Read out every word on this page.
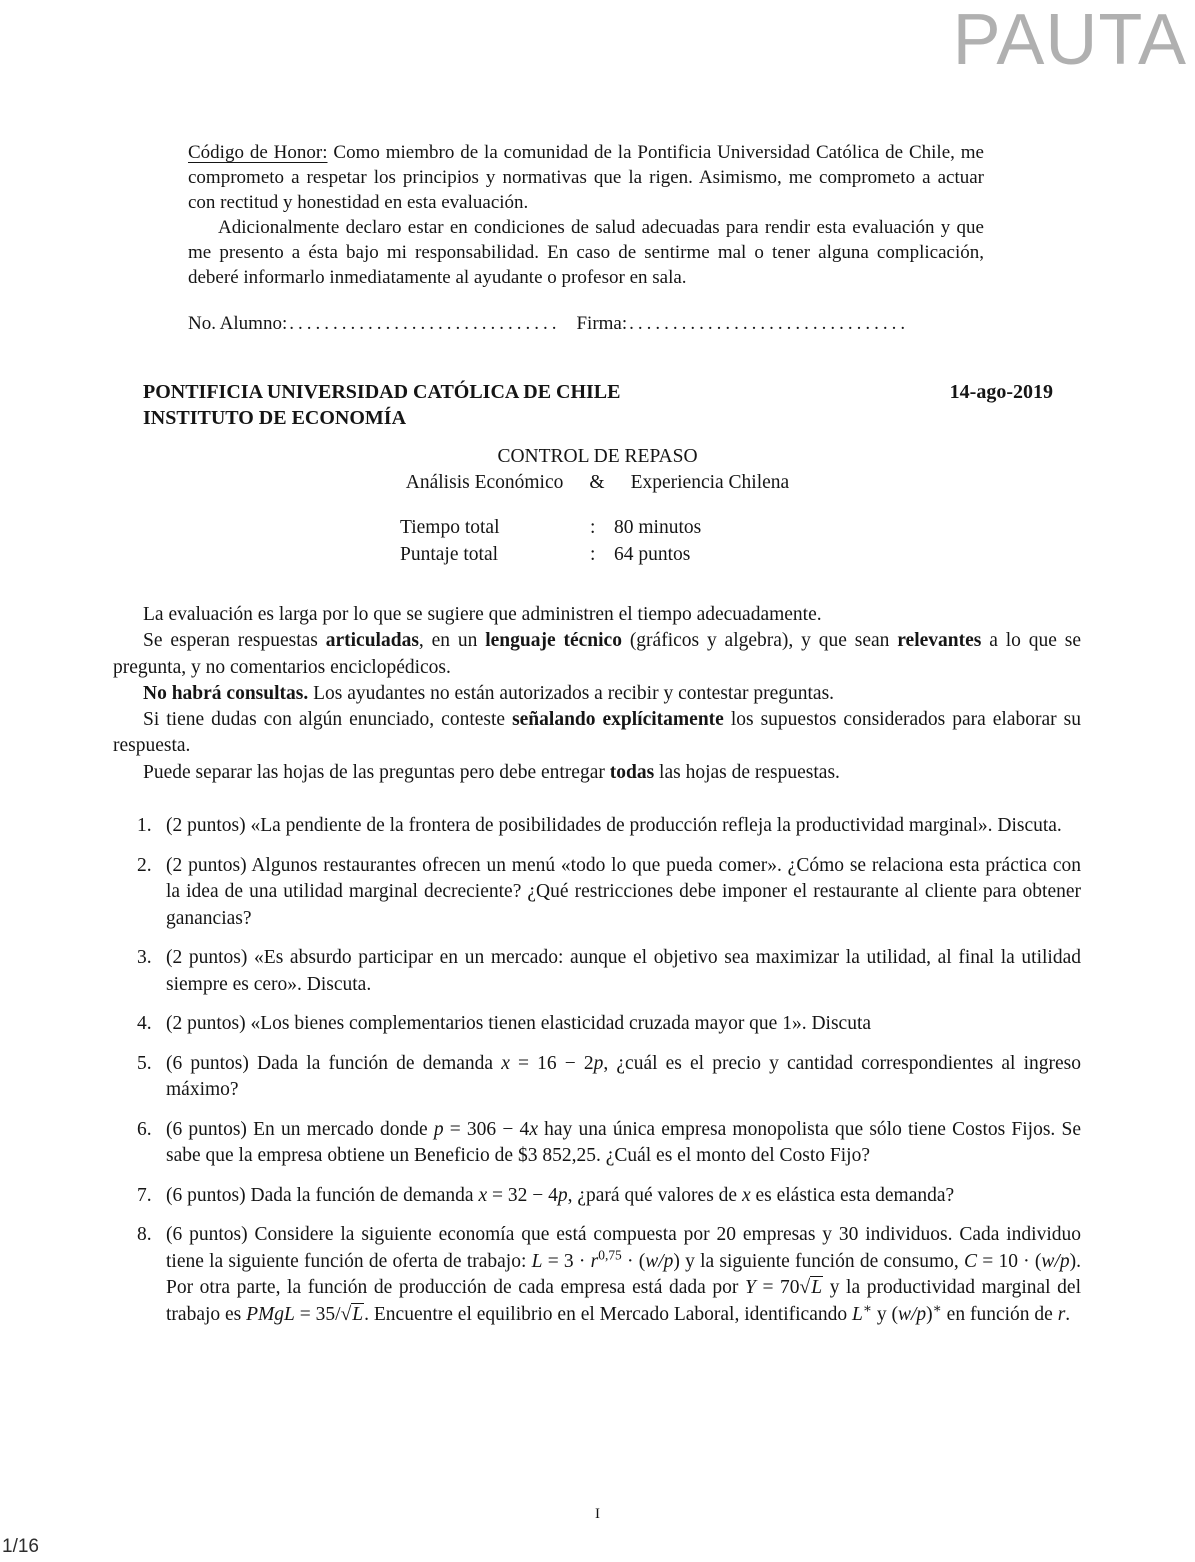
PAUTA

Código de Honor: Como miembro de la comunidad de la Pontificia Universidad Católica de Chile, me comprometo a respetar los principios y normativas que la rigen. Asimismo, me comprometo a actuar con rectitud y honestidad en esta evaluación.

Adicionalmente declaro estar en condiciones de salud adecuadas para rendir esta evaluación y que me presento a ésta bajo mi responsabilidad. En caso de sentirme mal o tener alguna complicación, deberé informarlo inmediatamente al ayudante o profesor en sala.

No. Alumno: ............................... Firma: ................................
PONTIFICIA UNIVERSIDAD CATÓLICA DE CHILE	14-ago-2019
INSTITUTO DE ECONOMÍA
CONTROL DE REPASO
Análisis Económico & Experiencia Chilena
Tiempo total	: 80 minutos
Puntaje total	: 64 puntos

La evaluación es larga por lo que se sugiere que administren el tiempo adecuadamente.

Se esperan respuestas articuladas, en un lenguaje técnico (gráficos y algebra), y que sean relevantes a lo que se pregunta, y no comentarios enciclopédicos.

No habrá consultas. Los ayudantes no están autorizados a recibir y contestar preguntas.

Si tiene dudas con algún enunciado, conteste señalando explícitamente los supuestos considerados para elaborar su respuesta.

Puede separar las hojas de las preguntas pero debe entregar todas las hojas de respuestas.

1. (2 puntos) «La pendiente de la frontera de posibilidades de producción refleja la productividad marginal». Discuta.
2. (2 puntos) Algunos restaurantes ofrecen un menú «todo lo que pueda comer». ¿Cómo se relaciona esta práctica con la idea de una utilidad marginal decreciente? ¿Qué restricciones debe imponer el restaurante al cliente para obtener ganancias?
3. (2 puntos) «Es absurdo participar en un mercado: aunque el objetivo sea maximizar la utilidad, al final la utilidad siempre es cero». Discuta.
4. (2 puntos) «Los bienes complementarios tienen elasticidad cruzada mayor que 1». Discuta
5. (6 puntos) Dada la función de demanda x = 16 − 2p, ¿cuál es el precio y cantidad correspondientes al ingreso máximo?
6. (6 puntos) En un mercado donde p = 306 − 4x hay una única empresa monopolista que sólo tiene Costos Fijos. Se sabe que la empresa obtiene un Beneficio de $3 852,25. ¿Cuál es el monto del Costo Fijo?
7. (6 puntos) Dada la función de demanda x = 32 − 4p, ¿pará qué valores de x es elástica esta demanda?
8. (6 puntos) Considere la siguiente economía que está compuesta por 20 empresas y 30 individuos. Cada individuo tiene la siguiente función de oferta de trabajo: $L = 3 \cdot r^{0,75} \cdot (w/p)$ y la siguiente función de consumo, C = 10 · (w/p). Por otra parte, la función de producción de cada empresa está dada por Y = 70√L y la productividad marginal del trabajo es PMgL = 35/√L. Encuentre el equilibrio en el Mercado Laboral, identificando L∗ y (w/p)∗ en función de r.
I
1/16
